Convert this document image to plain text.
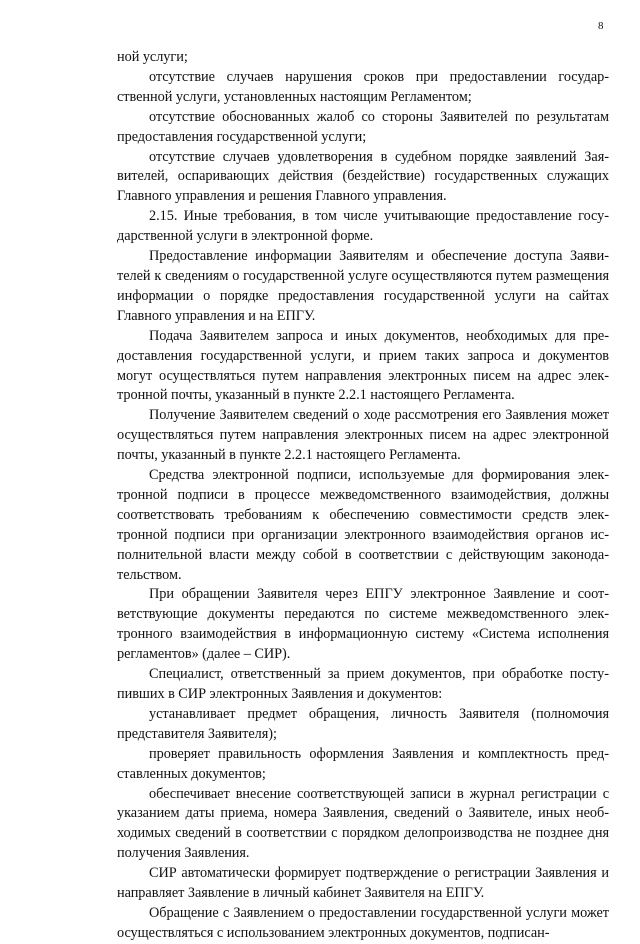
8

ной услуги;

отсутствие случаев нарушения сроков при предоставлении государственной услуги, установленных настоящим Регламентом;

отсутствие обоснованных жалоб со стороны Заявителей по результатам предоставления государственной услуги;

отсутствие случаев удовлетворения в судебном порядке заявлений Заявителей, оспаривающих действия (бездействие) государственных служащих Главного управления и решения Главного управления.

2.15. Иные требования, в том числе учитывающие предоставление государственной услуги в электронной форме.

Предоставление информации Заявителям и обеспечение доступа Заявителей к сведениям о государственной услуге осуществляются путем размещения информации о порядке предоставления государственной услуги на сайтах Главного управления и на ЕПГУ.

Подача Заявителем запроса и иных документов, необходимых для предоставления государственной услуги, и прием таких запроса и документов могут осуществляться путем направления электронных писем на адрес электронной почты, указанный в пункте 2.2.1 настоящего Регламента.

Получение Заявителем сведений о ходе рассмотрения его Заявления может осуществляться путем направления электронных писем на адрес электронной почты, указанный в пункте 2.2.1 настоящего Регламента.

Средства электронной подписи, используемые для формирования электронной подписи в процессе межведомственного взаимодействия, должны соответствовать требованиям к обеспечению совместимости средств электронной подписи при организации электронного взаимодействия органов исполнительной власти между собой в соответствии с действующим законодательством.

При обращении Заявителя через ЕПГУ электронное Заявление и соответствующие документы передаются по системе межведомственного электронного взаимодействия в информационную систему «Система исполнения регламентов» (далее – СИР).

Специалист, ответственный за прием документов, при обработке поступивших в СИР электронных Заявления и документов:

устанавливает предмет обращения, личность Заявителя (полномочия представителя Заявителя);

проверяет правильность оформления Заявления и комплектность представленных документов;

обеспечивает внесение соответствующей записи в журнал регистрации с указанием даты приема, номера Заявления, сведений о Заявителе, иных необходимых сведений в соответствии с порядком делопроизводства не позднее дня получения Заявления.

СИР автоматически формирует подтверждение о регистрации Заявления и направляет Заявление в личный кабинет Заявителя на ЕПГУ.

Обращение с Заявлением о предоставлении государственной услуги может осуществляться с использованием электронных документов, подписан-
